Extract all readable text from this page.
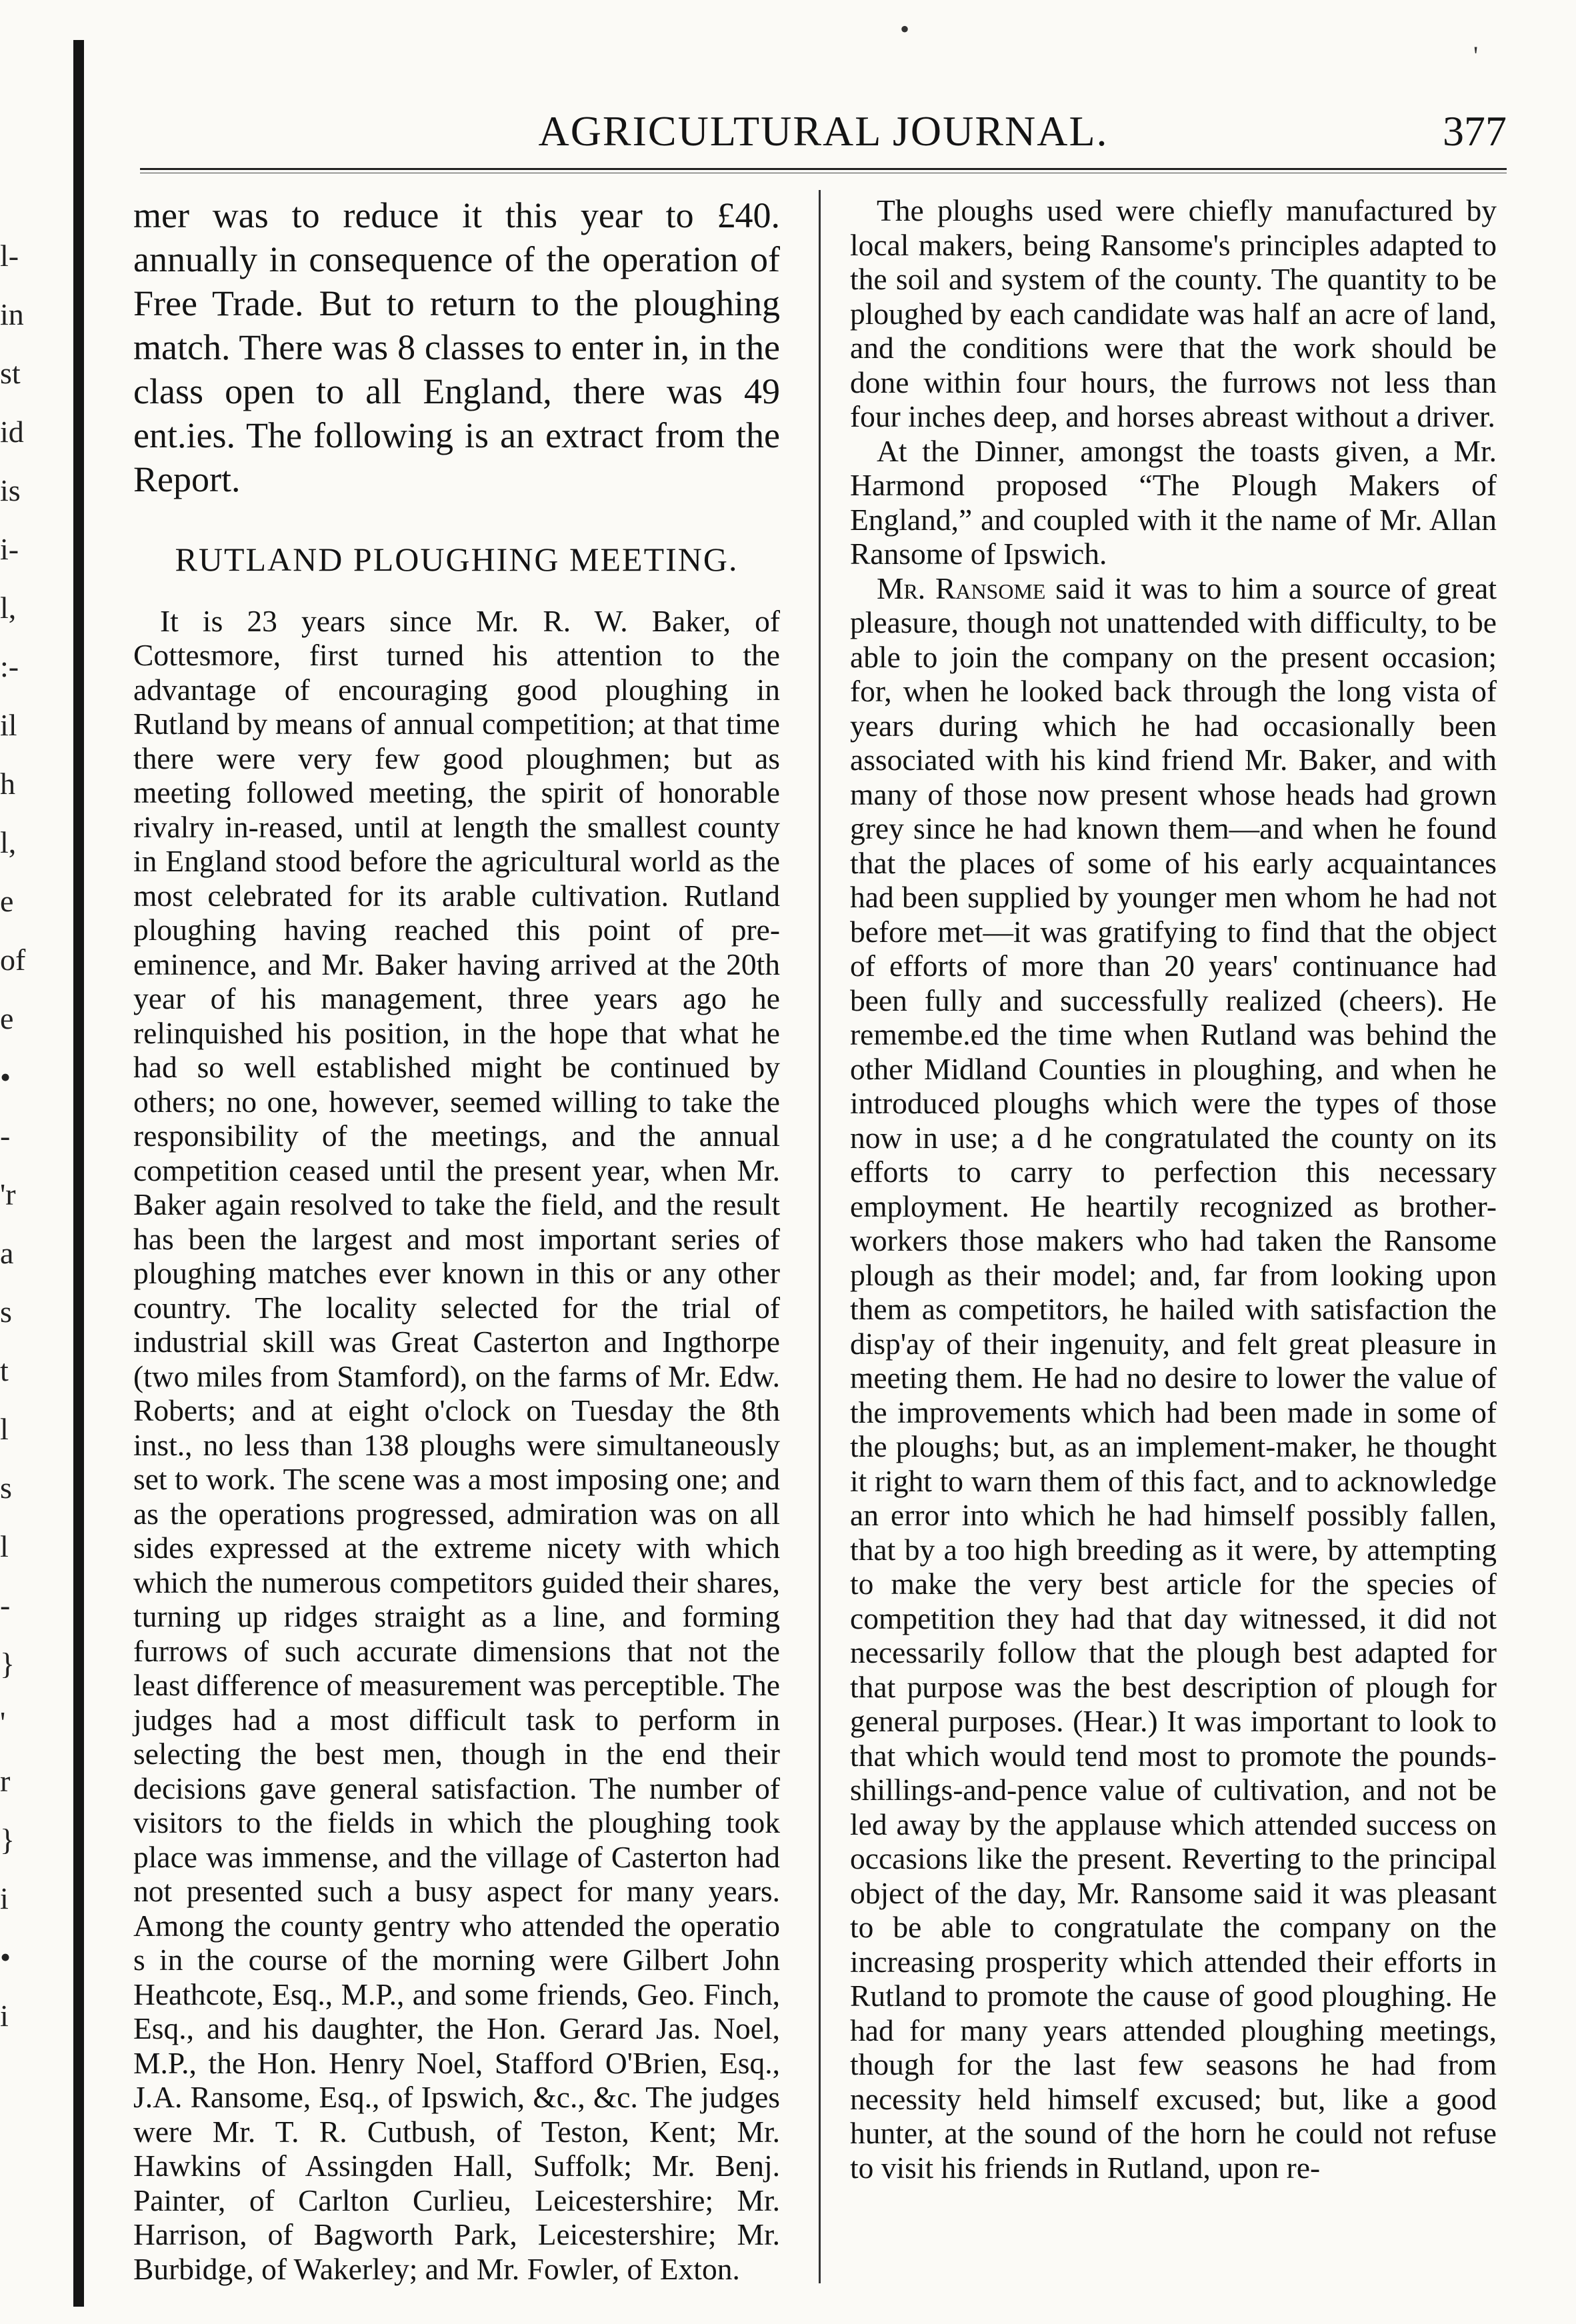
•
'
l-
in
st
id
is
i-
l,
:-
il
h
l,
e
of
e
•
-
'r
a
s
t
l
s
l
-
}
'
r
}
i
•
i
AGRICULTURAL JOURNAL.	377

mer was to reduce it this year to £40. annually in consequence of the operation of Free Trade. But to return to the ploughing match. There was 8 classes to enter in, in the class open to all England, there was 49 ent.ies. The following is an extract from the Report.

RUTLAND PLOUGHING MEETING.

It is 23 years since Mr. R. W. Baker, of Cottesmore, first turned his attention to the advantage of encouraging good ploughing in Rutland by means of annual competition; at that time there were very few good ploughmen; but as meeting followed meeting, the spirit of honorable rivalry in-reased, until at length the smallest county in England stood before the agricultural world as the most celebrated for its arable cultivation. Rutland ploughing having reached this point of pre-eminence, and Mr. Baker having arrived at the 20th year of his management, three years ago he relinquished his position, in the hope that what he had so well established might be continued by others; no one, however, seemed willing to take the responsibility of the meetings, and the annual competition ceased until the present year, when Mr. Baker again resolved to take the field, and the result has been the largest and most important series of ploughing matches ever known in this or any other country. The locality selected for the trial of industrial skill was Great Casterton and Ingthorpe (two miles from Stamford), on the farms of Mr. Edw. Roberts; and at eight o'clock on Tuesday the 8th inst., no less than 138 ploughs were simultaneously set to work. The scene was a most imposing one; and as the operations progressed, admiration was on all sides expressed at the extreme nicety with which which the numerous competitors guided their shares, turning up ridges straight as a line, and forming furrows of such accurate dimensions that not the least difference of measurement was perceptible. The judges had a most difficult task to perform in selecting the best men, though in the end their decisions gave general satisfaction. The number of visitors to the fields in which the ploughing took place was immense, and the village of Casterton had not presented such a busy aspect for many years. Among the county gentry who attended the operatio s in the course of the morning were Gilbert John Heathcote, Esq., M.P., and some friends, Geo. Finch, Esq., and his daughter, the Hon. Gerard Jas. Noel, M.P., the Hon. Henry Noel, Stafford O'Brien, Esq., J.A. Ransome, Esq., of Ipswich, &c., &c. The judges were Mr. T. R. Cutbush, of Teston, Kent; Mr. Hawkins of Assingden Hall, Suffolk; Mr. Benj. Painter, of Carlton Curlieu, Leicestershire; Mr. Harrison, of Bagworth Park, Leicestershire; Mr. Burbidge, of Wakerley; and Mr. Fowler, of Exton.

The ploughs used were chiefly manufactured by local makers, being Ransome's principles adapted to the soil and system of the county. The quantity to be ploughed by each candidate was half an acre of land, and the conditions were that the work should be done within four hours, the furrows not less than four inches deep, and horses abreast without a driver.

At the Dinner, amongst the toasts given, a Mr. Harmond proposed “The Plough Makers of England,” and coupled with it the name of Mr. Allan Ransome of Ipswich.

Mr. Ransome said it was to him a source of great pleasure, though not unattended with difficulty, to be able to join the company on the present occasion; for, when he looked back through the long vista of years during which he had occasionally been associated with his kind friend Mr. Baker, and with many of those now present whose heads had grown grey since he had known them—and when he found that the places of some of his early acquaintances had been supplied by younger men whom he had not before met—it was gratifying to find that the object of efforts of more than 20 years' continuance had been fully and successfully realized (cheers). He remembe.ed the time when Rutland was behind the other Midland Counties in ploughing, and when he introduced ploughs which were the types of those now in use; a d he congratulated the county on its efforts to carry to perfection this necessary employment. He heartily recognized as brother-workers those makers who had taken the Ransome plough as their model; and, far from looking upon them as competitors, he hailed with satisfaction the disp'ay of their ingenuity, and felt great pleasure in meeting them. He had no desire to lower the value of the improvements which had been made in some of the ploughs; but, as an implement-maker, he thought it right to warn them of this fact, and to acknowledge an error into which he had himself possibly fallen, that by a too high breeding as it were, by attempting to make the very best article for the species of competition they had that day witnessed, it did not necessarily follow that the plough best adapted for that purpose was the best description of plough for general purposes. (Hear.) It was important to look to that which would tend most to promote the pounds-shillings-and-pence value of cultivation, and not be led away by the applause which attended success on occasions like the present. Reverting to the principal object of the day, Mr. Ransome said it was pleasant to be able to congratulate the company on the increasing prosperity which attended their efforts in Rutland to promote the cause of good ploughing. He had for many years attended ploughing meetings, though for the last few seasons he had from necessity held himself excused; but, like a good hunter, at the sound of the horn he could not refuse to visit his friends in Rutland, upon re-
